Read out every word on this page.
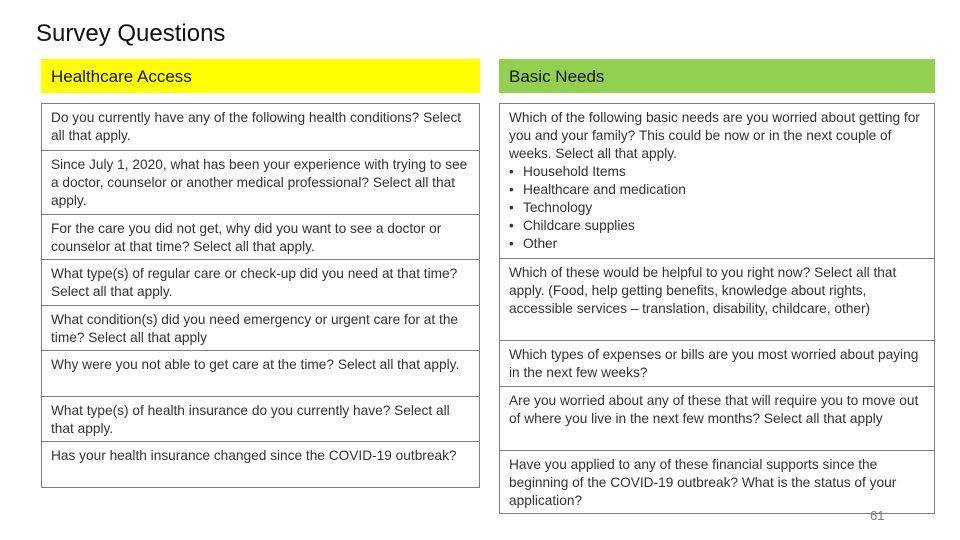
Survey Questions
Healthcare Access
Do you currently have any of the following health conditions? Select all that apply.
Since July 1, 2020, what has been your experience with trying to see a doctor, counselor or another medical professional? Select all that apply.
For the care you did not get, why did you want to see a doctor or counselor at that time? Select all that apply.
What type(s) of regular care or check-up did you need at that time? Select all that apply.
What condition(s) did you need emergency or urgent care for at the time? Select all that apply
Why were you not able to get care at the time? Select all that apply.
What type(s) of health insurance do you currently have? Select all that apply.
Has your health insurance changed since the COVID-19 outbreak?
Basic Needs
Which of the following basic needs are you worried about getting for you and your family? This could be now or in the next couple of weeks. Select all that apply.
• Household Items
• Healthcare and medication
• Technology
• Childcare supplies
• Other
Which of these would be helpful to you right now? Select all that apply. (Food, help getting benefits, knowledge about rights, accessible services – translation, disability, childcare, other)
Which types of expenses or bills are you most worried about paying in the next few weeks?
Are you worried about any of these that will require you to move out of where you live in the next few months? Select all that apply
Have you applied to any of these financial supports since the beginning of the COVID-19 outbreak? What is the status of your application?
61
